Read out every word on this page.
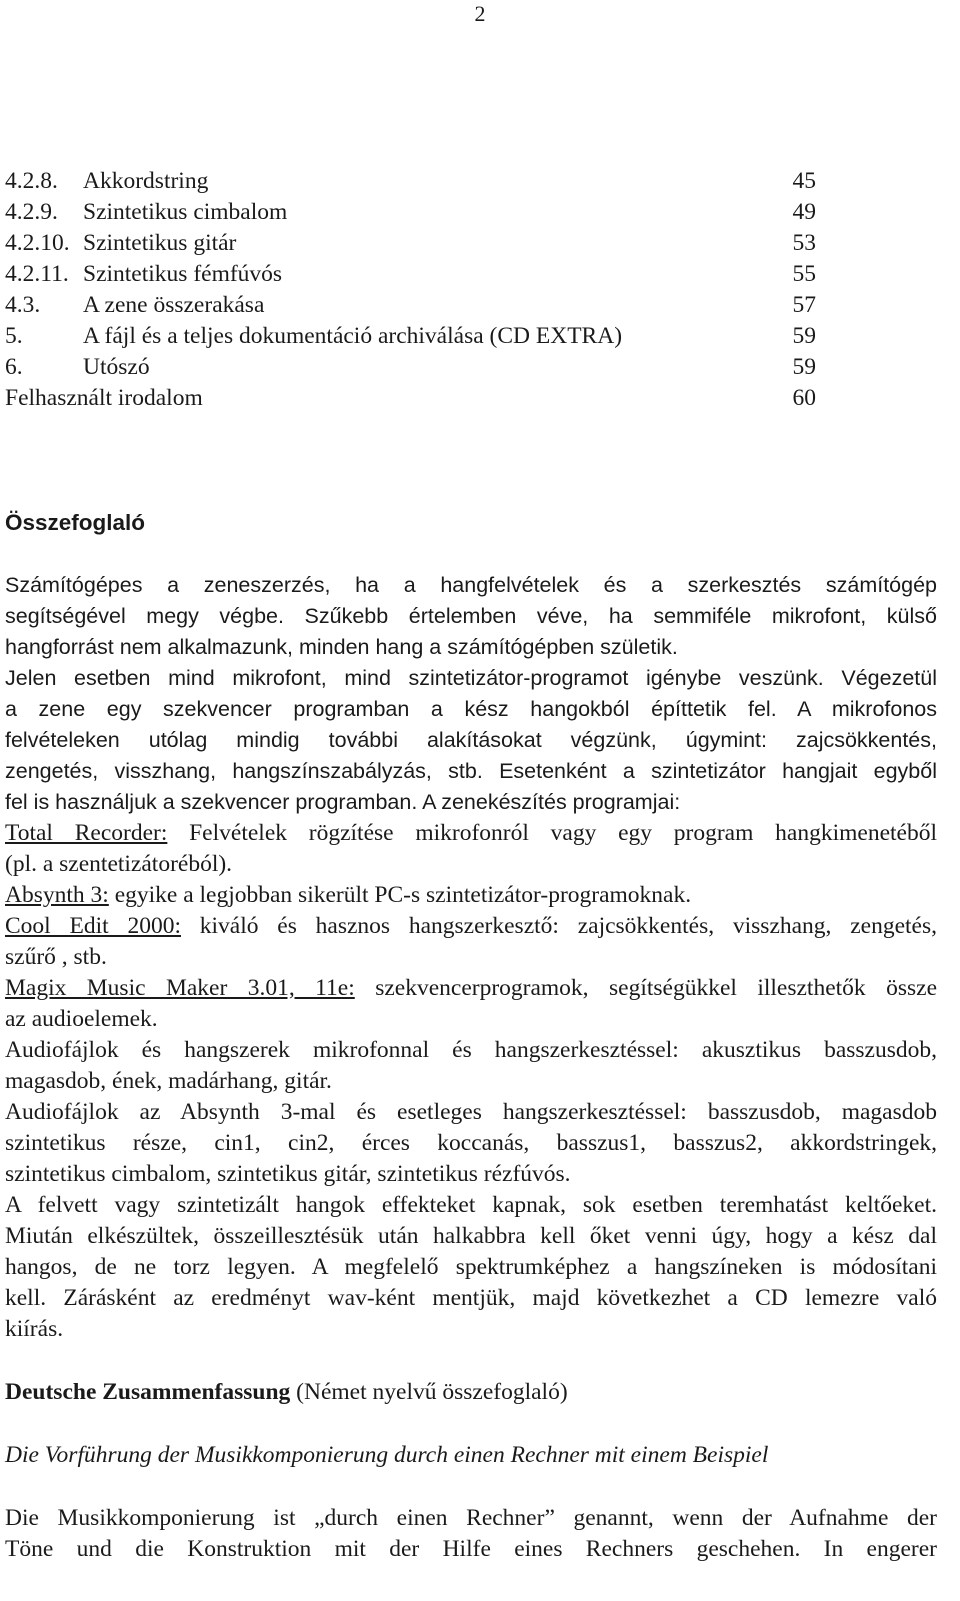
2
4.2.8. Akkordstring	45
4.2.9. Szintetikus cimbalom	49
4.2.10. Szintetikus gitár	53
4.2.11. Szintetikus fémfúvós	55
4.3. A zene összerakása	57
5.	A fájl és a teljes dokumentáció archiválása (CD EXTRA)	59
6.	Utószó	59
Felhasznált irodalom	60
Összefoglaló
Számítógépes a zeneszerzés, ha a hangfelvételek és a szerkesztés számítógép
segítségével megy végbe. Szűkebb értelemben véve, ha semmiféle mikrofont, külső
hangforrást nem alkalmazunk, minden hang a számítógépben születik.
Jelen esetben mind mikrofont, mind szintetizátor-programot igénybe veszünk. Végezetül
a zene egy szekvencer programban a kész hangokból építtetik fel. A mikrofonos
felvételeken utólag mindig további alakításokat végzünk, úgymint: zajcsökkentés,
zengetés, visszhang, hangszínszabályzás, stb. Esetenként a szintetizátor hangjait egyből
fel is használjuk a szekvencer programban. A zenekészítés programjai:
Total Recorder: Felvételek rögzítése mikrofonról vagy egy program hangkimenetéből
(pl. a szentetizátoréból).
Absynth 3: egyike a legjobban sikerült PC-s szintetizátor-programoknak.
Cool Edit 2000: kiváló és hasznos hangszerkesztő: zajcsökkentés, visszhang, zengetés,
szűrő , stb.
Magix Music Maker 3.01, 11e: szekvencerprogramok, segítségükkel illeszthetők össze
az audioelemek.
Audiofájlok és hangszerek mikrofonnal és hangszerkesztéssel: akusztikus basszusdob,
magasdob, ének, madárhang, gitár.
Audiofájlok az Absynth 3-mal és esetleges hangszerkesztéssel: basszusdob, magasdob
szintetikus része, cin1, cin2, érces koccanás, basszus1, basszus2, akkordstringek,
szintetikus cimbalom, szintetikus gitár, szintetikus rézfúvós.
A felvett vagy szintetizált hangok effekteket kapnak, sok esetben teremhatást keltőeket.
Miután elkészültek, összeillesztésük után halkabbra kell őket venni úgy, hogy a kész dal
hangos, de ne torz legyen. A megfelelő spektrumképhez a hangszíneken is módosítani
kell. Zárásként az eredményt wav-ként mentjük, majd következhet a CD lemezre való
kiírás.
Deutsche Zusammenfassung (Német nyelvű összefoglaló)
Die Vorführung der Musikkomponierung durch einen Rechner mit einem Beispiel
Die Musikkomponierung ist „durch einen Rechner” genannt, wenn der Aufnahme der
Töne und die Konstruktion mit der Hilfe eines Rechners geschehen. In engerer
